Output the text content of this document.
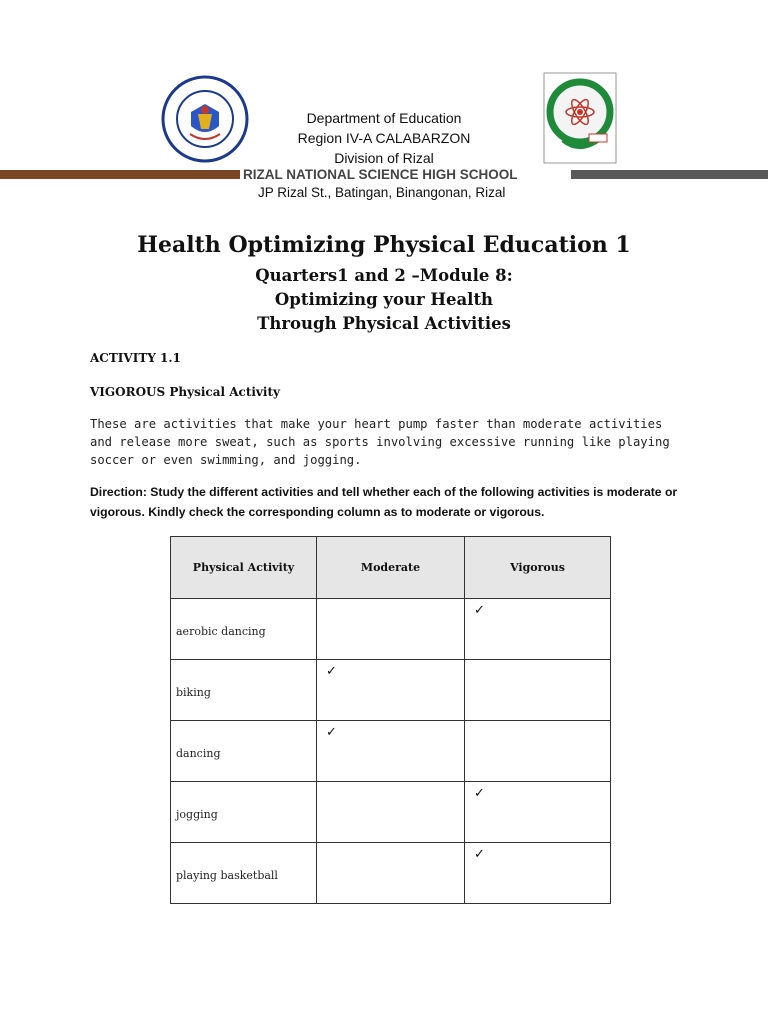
Department of Education
Region IV-A CALABARZON
Division of Rizal
RIZAL NATIONAL SCIENCE HIGH SCHOOL
JP Rizal St., Batingan, Binangonan, Rizal
Health Optimizing Physical Education 1
Quarters1 and 2 –Module 8:
Optimizing your Health
Through Physical Activities
ACTIVITY 1.1
VIGOROUS Physical Activity
These are activities that make your heart pump faster than moderate activities and release more sweat, such as sports involving excessive running like playing soccer or even swimming, and jogging.
Direction: Study the different activities and tell whether each of the following activities is moderate or vigorous. Kindly check the corresponding column as to moderate or vigorous.
Physical Activity	Moderate	Vigorous
aerobic dancing		✓

biking	✓	

dancing	✓	

jogging		✓

playing basketball		✓
